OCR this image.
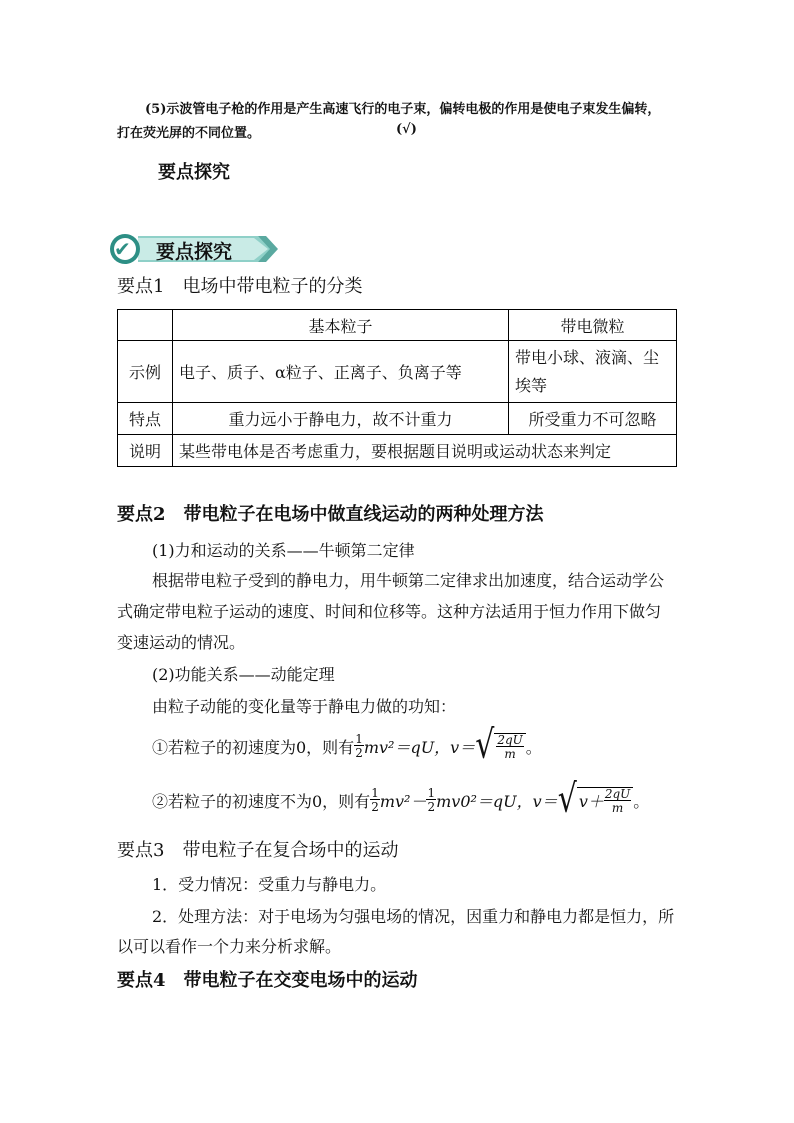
(5)示波管电子枪的作用是产生高速飞行的电子束，偏转电极的作用是使电子束发生偏转，
打在荧光屏的不同位置。	(√)
要点探究
✔ 要点探究
要点1　电场中带电粒子的分类
	基本粒子	带电微粒
示例	电子、质子、α粒子、正离子、负离子等	带电小球、液滴、尘埃等
特点	重力远小于静电力，故不计重力	所受重力不可忽略
说明	某些带电体是否考虑重力，要根据题目说明或运动状态来判定	
要点2　带电粒子在电场中做直线运动的两种处理方法
(1)力和运动的关系——牛顿第二定律
根据带电粒子受到的静电力，用牛顿第二定律求出加速度，结合运动学公
式确定带电粒子运动的速度、时间和位移等。这种方法适用于恒力作用下做匀
变速运动的情况。
(2)功能关系——动能定理
由粒子动能的变化量等于静电力做的功知：
①若粒子的初速度为0，则有 $\frac{1}{2} mv^2=qU$，v＝ √ $\frac{2qU}{m}$ 。
②若粒子的初速度不为0，则有 $\frac{1}{2} mv^2- \frac{1}{2} mv0^2=qU$，v＝ √ $v+ \frac{2qU}{m}$ 。
要点3　带电粒子在复合场中的运动
1．受力情况：受重力与静电力。
2．处理方法：对于电场为匀强电场的情况，因重力和静电力都是恒力，所
以可以看作一个力来分析求解。
要点4　带电粒子在交变电场中的运动
